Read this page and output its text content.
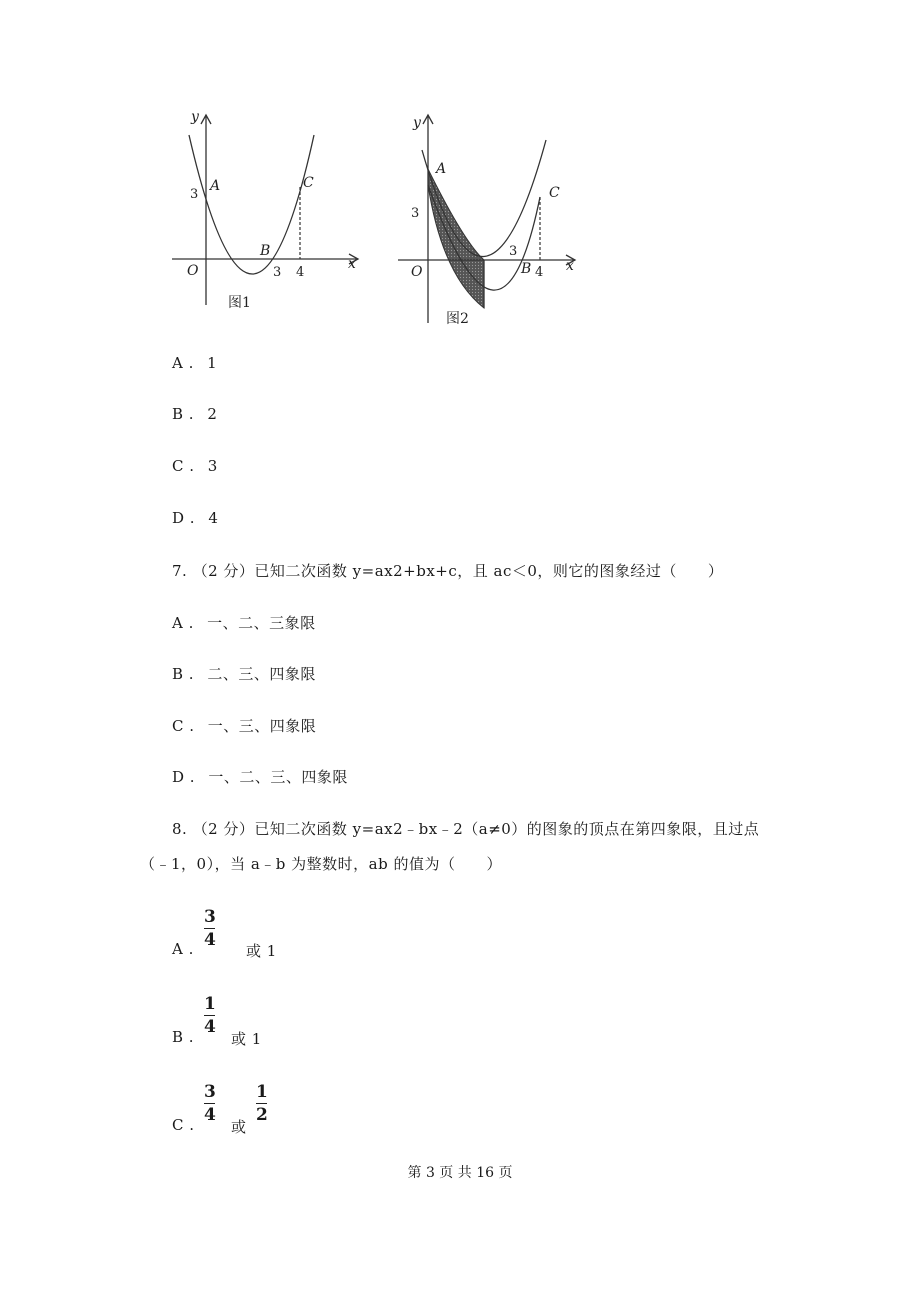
y
x
O
A
B
C
3
3 4
图1
y
x
O
A
B
C
3
3
4
图2
A . 1
B . 2
C . 3
D . 4
7. （2 分）已知二次函数 y=ax2+bx+c，且 ac＜0，则它的图象经过（　　）
A . 一、二、三象限
B . 二、三、四象限
C . 一、三、四象限
D . 一、二、三、四象限
8. （2 分）已知二次函数 y=ax2﹣bx﹣2（a≠0）的图象的顶点在第四象限，且过点
（﹣1，0），当 a﹣b 为整数时，ab 的值为（　　）
A .
3
4
或 1
B .
1
4
或 1
C .
3
4
或
1
2
第 3 页 共 16 页
